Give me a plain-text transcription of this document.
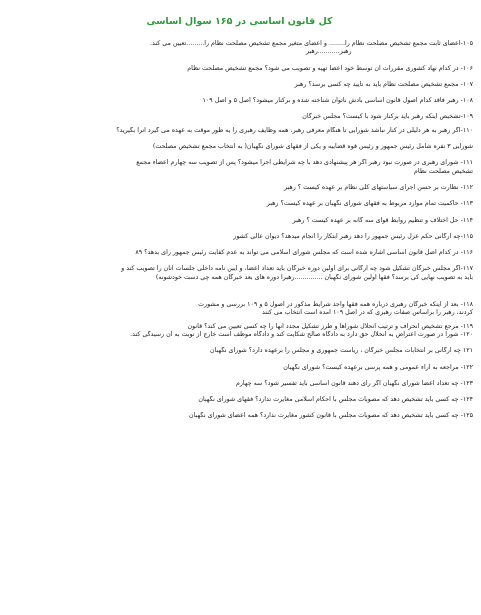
کل قانون اساسی در ۱۶۵ سوال اساسی

۱۰۵-اعضای ثابت مجمع تشخیص مصلحت نظام را........ و اعضای متغیر مجمع تشخیص مصلحت نظام را.........تعیین می کند.

رهبر...........رهبر

۱۰۶- در کدام نهاد کشوری مقررات آن توسط خود اعضا تهیه و تصویب می شود؟ مجمع تشخیص مصلحت نظام

۱۰۷- مجمع تشخیص مصلحت نظام باید به تایید چه کسی برسد؟ رهبر

۱۰۸- رهبر فاقد کدام اصول قانون اساسی بادش ناتوان شناخته شده و برکنار میشود؟ اصل ۵ و اصل ۱۰۹

۱۰۹-تشخیص اینکه رهبر باید برکنار شود با کیست؟ مجلس خبرگان

۱۱۰-اگر رهبر به هر دلیلی در کنار نباشد شورایی تا هنگام معرفی رهبر، همه وظایف رهبری را به طور موقت به عهده می گیرد آنرا بگیرید؟

شورایی ۳ نفره شامل رئیس جمهور و رئیس قوه قضاییه و یکی از فقهای شورای نگهبان( به انتخاب مجمع تشخیص مصلحت)

۱۱۱- شورای رهبری در صورت نبود رهبر اگر هر پیشنهادی دهد با چه شرایطی اجرا میشود؟ پس از تصویب سه چهارم اعضاء مجمع

تشخیص مصلحت نظام

۱۱۲- نظارت بر حسن اجرای سیاستهای کلی نظام بر عهده کیست ؟ رهبر

۱۱۳- حاکمیت تمام موارد مربوط به فقهای شورای نگهبان بر عهده کیست؟ رهبر

۱۱۴- حل اختلاف و تنظیم روابط قوای سه گانه بر عهده کیست ؟ رهبر

۱۱۵-چه ارگانی حکم عزل رئیس جمهور را دهد رهبر ابتکار را انجام میدهد؟ دیوان عالی کشور

۱۱۶- در کدام اصل قانون اساسی اشاره شده است که مجلس شورای اسلامی می تواند به عدم کفایت رئیس جمهور رای بدهد؟ ۸۹

۱۱۷-اگر مجلس خبرگان تشکیل شود چه ارگانی برای اولین دوره خبرگان باید تعداد اعضا، و آیین نامه داخلی جلسات آنان را تصویب کند و

باید به تصویب نهایی کی برسد؟ فقها اولین شورای نگهبان ..............رهبرا دوره های بعد خبرگان همه چی دست خودشونه)

۱۱۸- بعد از اینکه خبرگان رهبری درباره همه فقها واجد شرایط مذکور در اصول ۵ و ۱۰۹ بررسی و مشورت

کردند، رهبر را براساس صفات رهبری که در اصل ۱۰۹ آمده است انتخاب می کنند

۱۱۹- مرجع تشخیص انحراف و ترتیب انحلال شوراها و طرز تشکیل مجدد آنها را چه کسی تعیین می کند؟ قانون

۱۲۰- شورا در صورت اعتراض به انحلال حق دارد به دادگاه صالح شکایت کند و دادگاه موظف است خارج از نوبت به آن رسیدگی کند.

۱۲۱ چه ارگانی بر انتخابات مجلس خبرگان ، ریاست جمهوری و مجلس را برعهده دارد؟ شورای نگهبان

۱۲۲- مراجعه به آراء عمومی و همه پرسی برعهده کیست؟ شورای نگهبان

۱۲۳- چه تعداد اعضا شورای نگهبان اگر رای دهند قانون اساسی باید تفسیر شود؟ سه چهارم

۱۲۴- چه کسی باید تشخیص دهد که مصوبات مجلس با احکام اسلامی مغایرت ندارد؟ فقهای شورای نگهبان

۱۲۵- چه کسی باید تشخیص دهد که مصوبات مجلس با قانون کشور مغایرت ندارد؟ همه اعضای شورای نگهبان
